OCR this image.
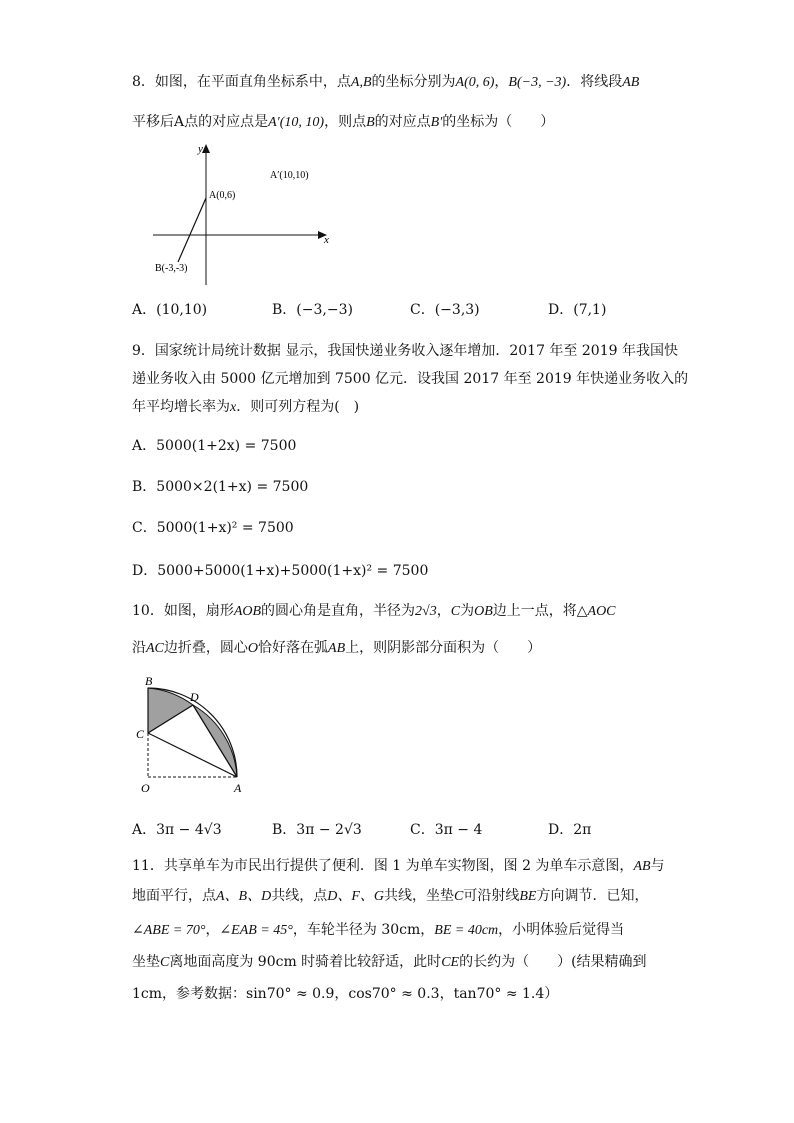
8．如图，在平面直角坐标系中，点A,B的坐标分别为A(0, 6)，B(−3, −3)．将线段AB
平移后A点的对应点是A′(10, 10)，则点B的对应点B′的坐标为（　　）
y
x
A(0,6)
B(-3,-3)
A′(10,10)
A．(10,10)	B．(−3,−3)	C．(−3,3)	D．(7,1)
9．国家统计局统计数据 显示，我国快递业务收入逐年增加．2017 年至 2019 年我国快
递业务收入由 5000 亿元增加到 7500 亿元．设我国 2017 年至 2019 年快递业务收入的
年平均增长率为x．则可列方程为(　)
A．5000(1+2x) = 7500
B．5000×2(1+x) = 7500
C．5000(1+x)² = 7500
D．5000+5000(1+x)+5000(1+x)² = 7500
10．如图，扇形AOB的圆心角是直角，半径为2√3，C为OB边上一点，将△AOC
沿AC边折叠，圆心O恰好落在弧AB上，则阴影部分面积为（　　）
B
D
C
O	A
A．3π − 4√3	B．3π − 2√3	C．3π − 4	D．2π
11．共享单车为市民出行提供了便利．图 1 为单车实物图，图 2 为单车示意图，AB与
地面平行，点A、B、D共线，点D、F、G共线，坐垫C可沿射线BE方向调节．已知，
∠ABE = 70°，∠EAB = 45°，车轮半径为 30cm，BE = 40cm，小明体验后觉得当
坐垫C离地面高度为 90cm 时骑着比较舒适，此时CE的长约为（　　）(结果精确到
1cm，参考数据：sin70° ≈ 0.9，cos70° ≈ 0.3，tan70° ≈ 1.4）
